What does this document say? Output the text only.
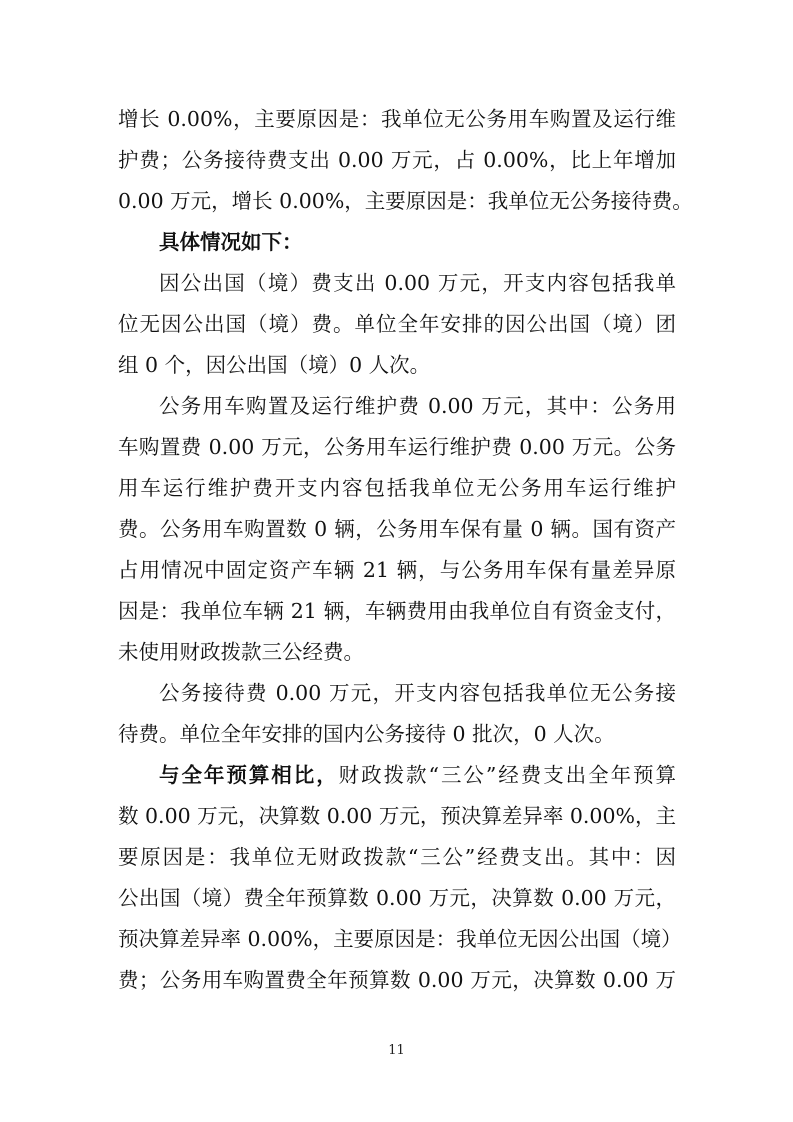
增长 0.00%，主要原因是：我单位无公务用车购置及运行维
护费；公务接待费支出 0.00 万元，占 0.00%，比上年增加
0.00 万元，增长 0.00%，主要原因是：我单位无公务接待费。
具体情况如下：
因公出国（境）费支出 0.00 万元，开支内容包括我单
位无因公出国（境）费。单位全年安排的因公出国（境）团
组 0 个，因公出国（境）0 人次。
公务用车购置及运行维护费 0.00 万元，其中：公务用
车购置费 0.00 万元，公务用车运行维护费 0.00 万元。公务
用车运行维护费开支内容包括我单位无公务用车运行维护
费。公务用车购置数 0 辆，公务用车保有量 0 辆。国有资产
占用情况中固定资产车辆 21 辆，与公务用车保有量差异原
因是：我单位车辆 21 辆，车辆费用由我单位自有资金支付，
未使用财政拨款三公经费。
公务接待费 0.00 万元，开支内容包括我单位无公务接
待费。单位全年安排的国内公务接待 0 批次，0 人次。
与全年预算相比，财政拨款“三公”经费支出全年预算
数 0.00 万元，决算数 0.00 万元，预决算差异率 0.00%，主
要原因是：我单位无财政拨款“三公”经费支出。其中：因
公出国（境）费全年预算数 0.00 万元，决算数 0.00 万元，
预决算差异率 0.00%，主要原因是：我单位无因公出国（境）
费；公务用车购置费全年预算数 0.00 万元，决算数 0.00 万
11
